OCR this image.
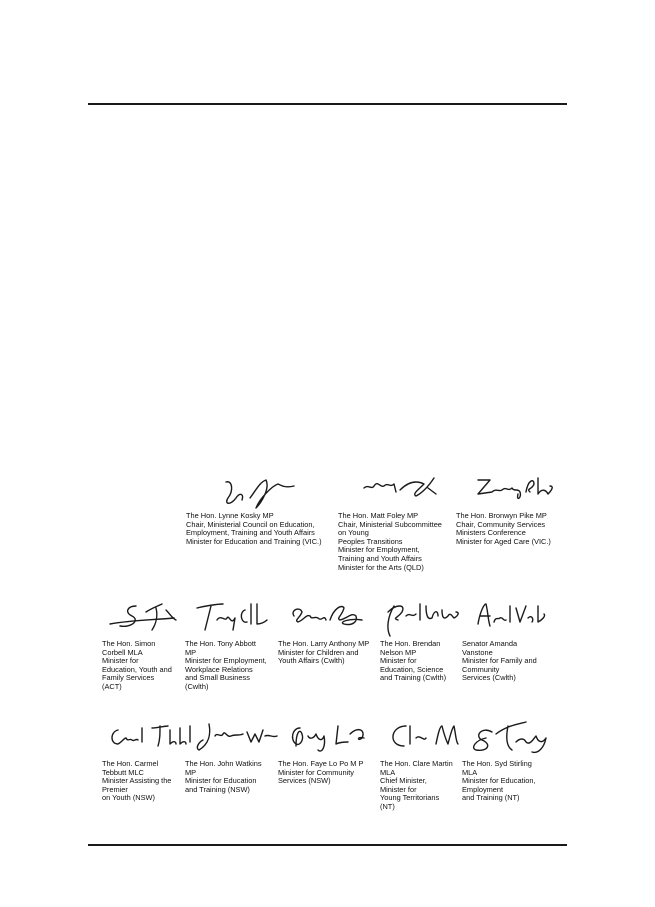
The Hon. Lynne Kosky MP
Chair, Ministerial Council on Education,
Employment, Training and Youth Affairs
Minister for Education and Training (VIC.)

The Hon. Matt Foley MP
Chair, Ministerial Subcommittee
on Young
Peoples Transitions
Minister for Employment,
Training and Youth Affairs
Minister for the Arts (QLD)

The Hon. Bronwyn Pike MP
Chair, Community Services
Ministers Conference
Minister for Aged Care (VIC.)

The Hon. Simon
Corbell MLA
Minister for
Education, Youth and
Family Services
(ACT)

The Hon. Tony Abbott
MP
Minister for Employment,
Workplace Relations
and Small Business
(Cwlth)

The Hon. Larry Anthony MP
Minister for Children and
Youth Affairs (Cwlth)

The Hon. Brendan
Nelson MP
Minister for
Education, Science
and Training (Cwlth)

Senator Amanda
Vanstone
Minister for Family and
Community
Services (Cwlth)

The Hon. Carmel
Tebbutt MLC
Minister Assisting the
Premier
on Youth (NSW)

The Hon. John Watkins
MP
Minister for Education
and Training (NSW)

The Hon. Faye Lo Po M P
Minister for Community
Services (NSW)

The Hon. Clare Martin
MLA
Chief Minister,
Minister for
Young Territorians
(NT)

The Hon. Syd Stirling
MLA
Minister for Education,
Employment
and Training (NT)
